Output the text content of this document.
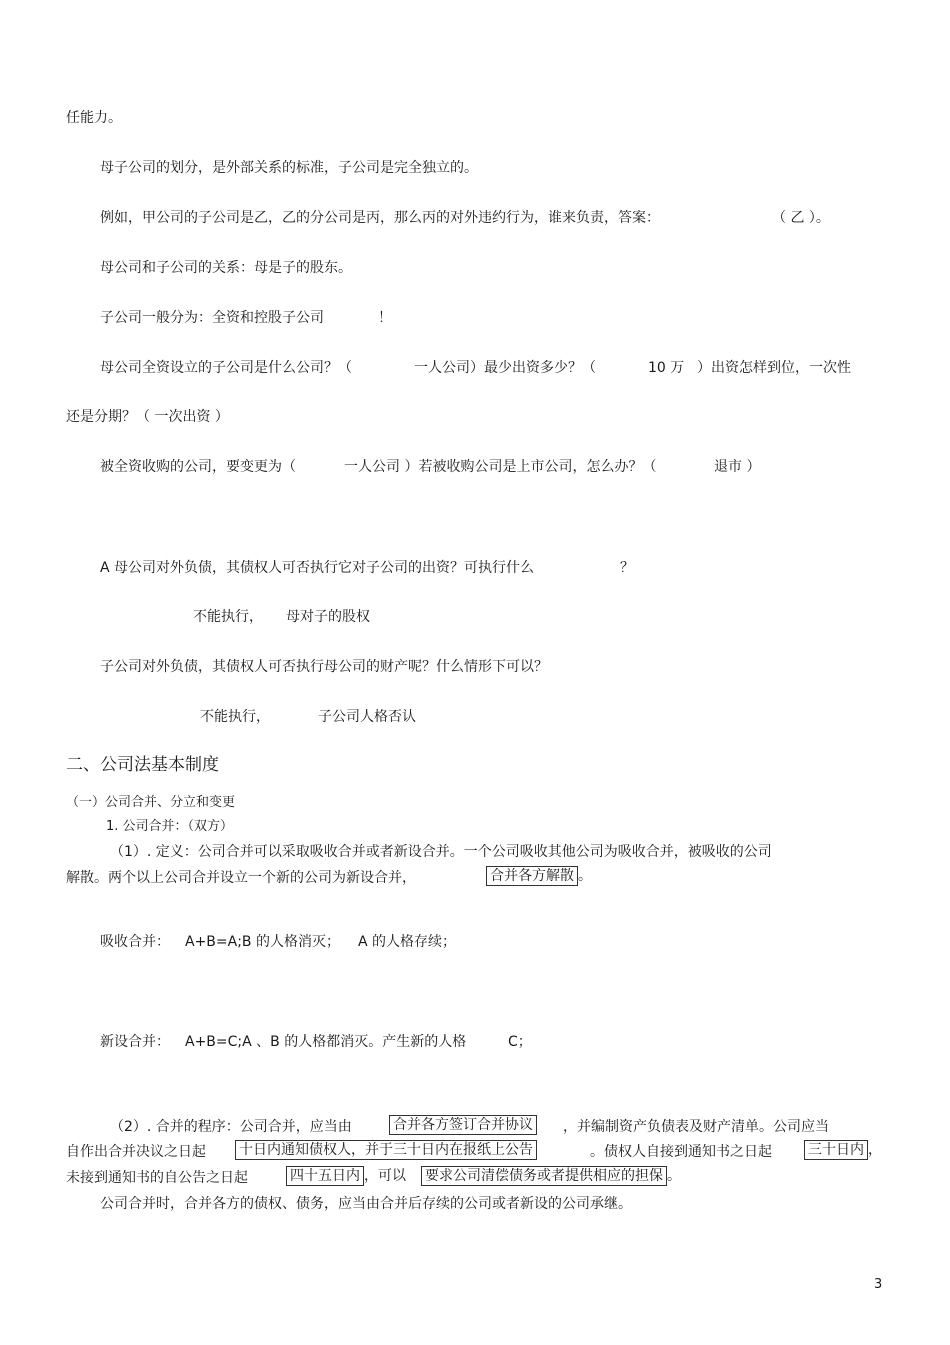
任能力。
母子公司的划分，是外部关系的标准，子公司是完全独立的。
例如，甲公司的子公司是乙，乙的分公司是丙，那么丙的对外违约行为，谁来负责，答案：	（ 乙 ）。
母公司和子公司的关系：母是子的股东。
子公司一般分为：全资和控股子公司	！
母公司全资设立的子公司是什么公司？（	一人公司）最少出资多少？（	10 万 ）出资怎样到位，一次性
还是分期？（ 一次出资 ）
被全资收购的公司，要变更为（	一人公司 ）若被收购公司是上市公司，怎么办？（	退市 ）
A 母公司对外负债，其债权人可否执行它对子公司的出资？可执行什么	？
不能执行， 母对子的股权
子公司对外负债，其债权人可否执行母公司的财产呢？什么情形下可以？
不能执行，	子公司人格否认
二、公司法基本制度
（一）公司合并、分立和变更
1. 公司合并：（双方）
（1）. 定义：公司合并可以采取吸收合并或者新设合并。一个公司吸收其他公司为吸收合并，被吸收的公司
解散。两个以上公司合并设立一个新的公司为新设合并，	合并各方解散 。
吸收合并： A+B=A;B 的人格消灭； A 的人格存续；
新设合并： A+B=C;A 、B 的人格都消灭。产生新的人格	C；
（2）. 合并的程序：公司合并，应当由	合并各方签订合并协议 ，并编制资产负债表及财产清单。公司应当
自作出合并决议之日起 十日内通知债权人，并于三十日内在报纸上公告	。债权人自接到通知书之日起	三十日内 ，
未接到通知书的自公告之日起	四十五日内 ，可以 要求公司清偿债务或者提供相应的担保 。
公司合并时，合并各方的债权、债务，应当由合并后存续的公司或者新设的公司承继。
3
